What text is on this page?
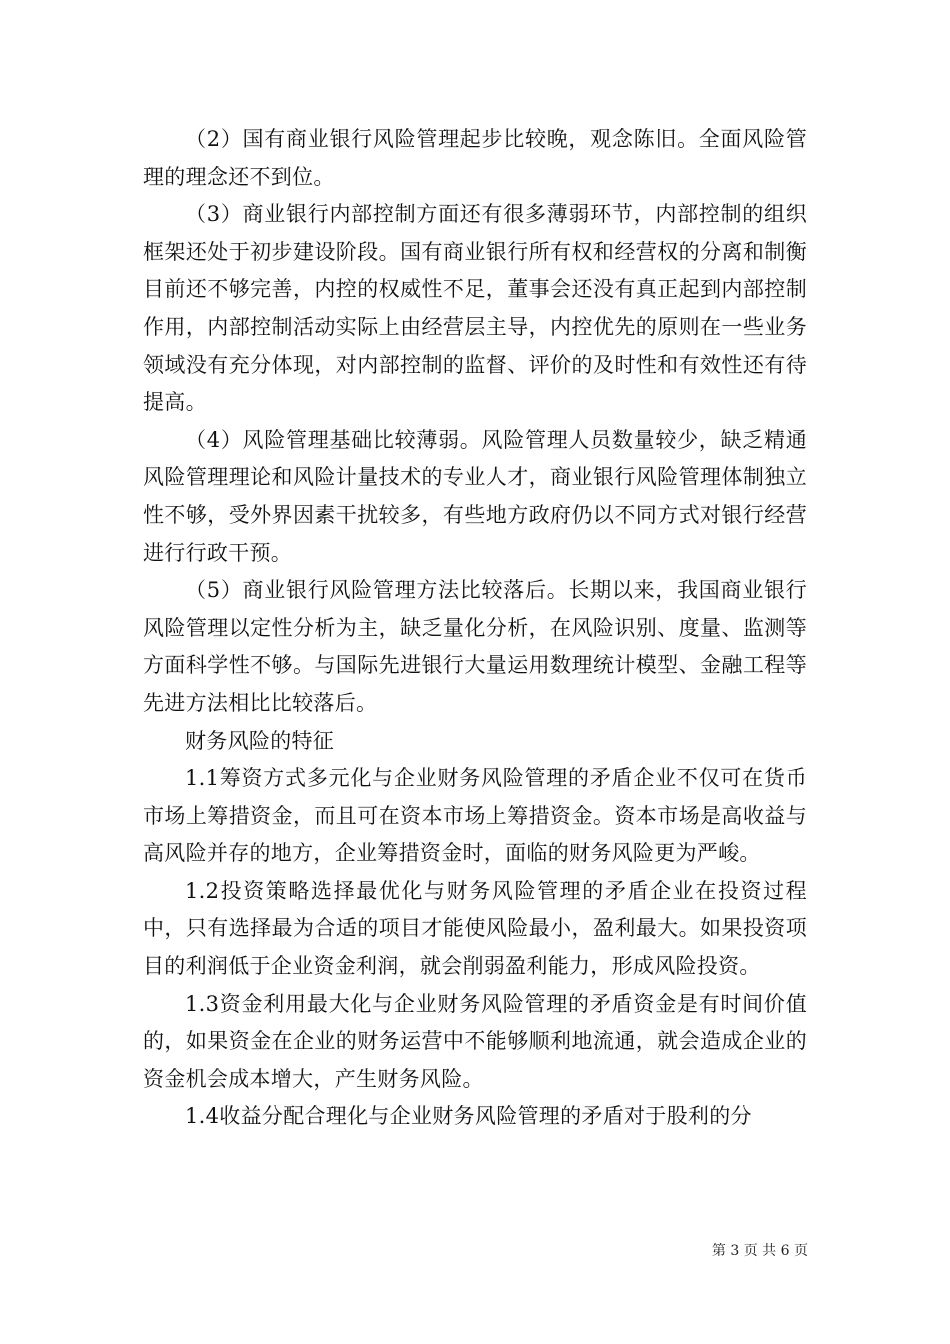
（2）国有商业银行风险管理起步比较晚，观念陈旧。全面风险管理的理念还不到位。

（3）商业银行内部控制方面还有很多薄弱环节，内部控制的组织框架还处于初步建设阶段。国有商业银行所有权和经营权的分离和制衡目前还不够完善，内控的权威性不足，董事会还没有真正起到内部控制作用，内部控制活动实际上由经营层主导，内控优先的原则在一些业务领域没有充分体现，对内部控制的监督、评价的及时性和有效性还有待提高。

（4）风险管理基础比较薄弱。风险管理人员数量较少，缺乏精通风险管理理论和风险计量技术的专业人才，商业银行风险管理体制独立性不够，受外界因素干扰较多，有些地方政府仍以不同方式对银行经营进行行政干预。

（5）商业银行风险管理方法比较落后。长期以来，我国商业银行风险管理以定性分析为主，缺乏量化分析，在风险识别、度量、监测等方面科学性不够。与国际先进银行大量运用数理统计模型、金融工程等先进方法相比比较落后。

财务风险的特征

1.1筹资方式多元化与企业财务风险管理的矛盾企业不仅可在货币市场上筹措资金，而且可在资本市场上筹措资金。资本市场是高收益与高风险并存的地方，企业筹措资金时，面临的财务风险更为严峻。

1.2投资策略选择最优化与财务风险管理的矛盾企业在投资过程中，只有选择最为合适的项目才能使风险最小，盈利最大。如果投资项目的利润低于企业资金利润，就会削弱盈利能力，形成风险投资。

1.3资金利用最大化与企业财务风险管理的矛盾资金是有时间价值的，如果资金在企业的财务运营中不能够顺利地流通，就会造成企业的资金机会成本增大，产生财务风险。

1.4收益分配合理化与企业财务风险管理的矛盾对于股利的分

第 3 页 共 6 页
